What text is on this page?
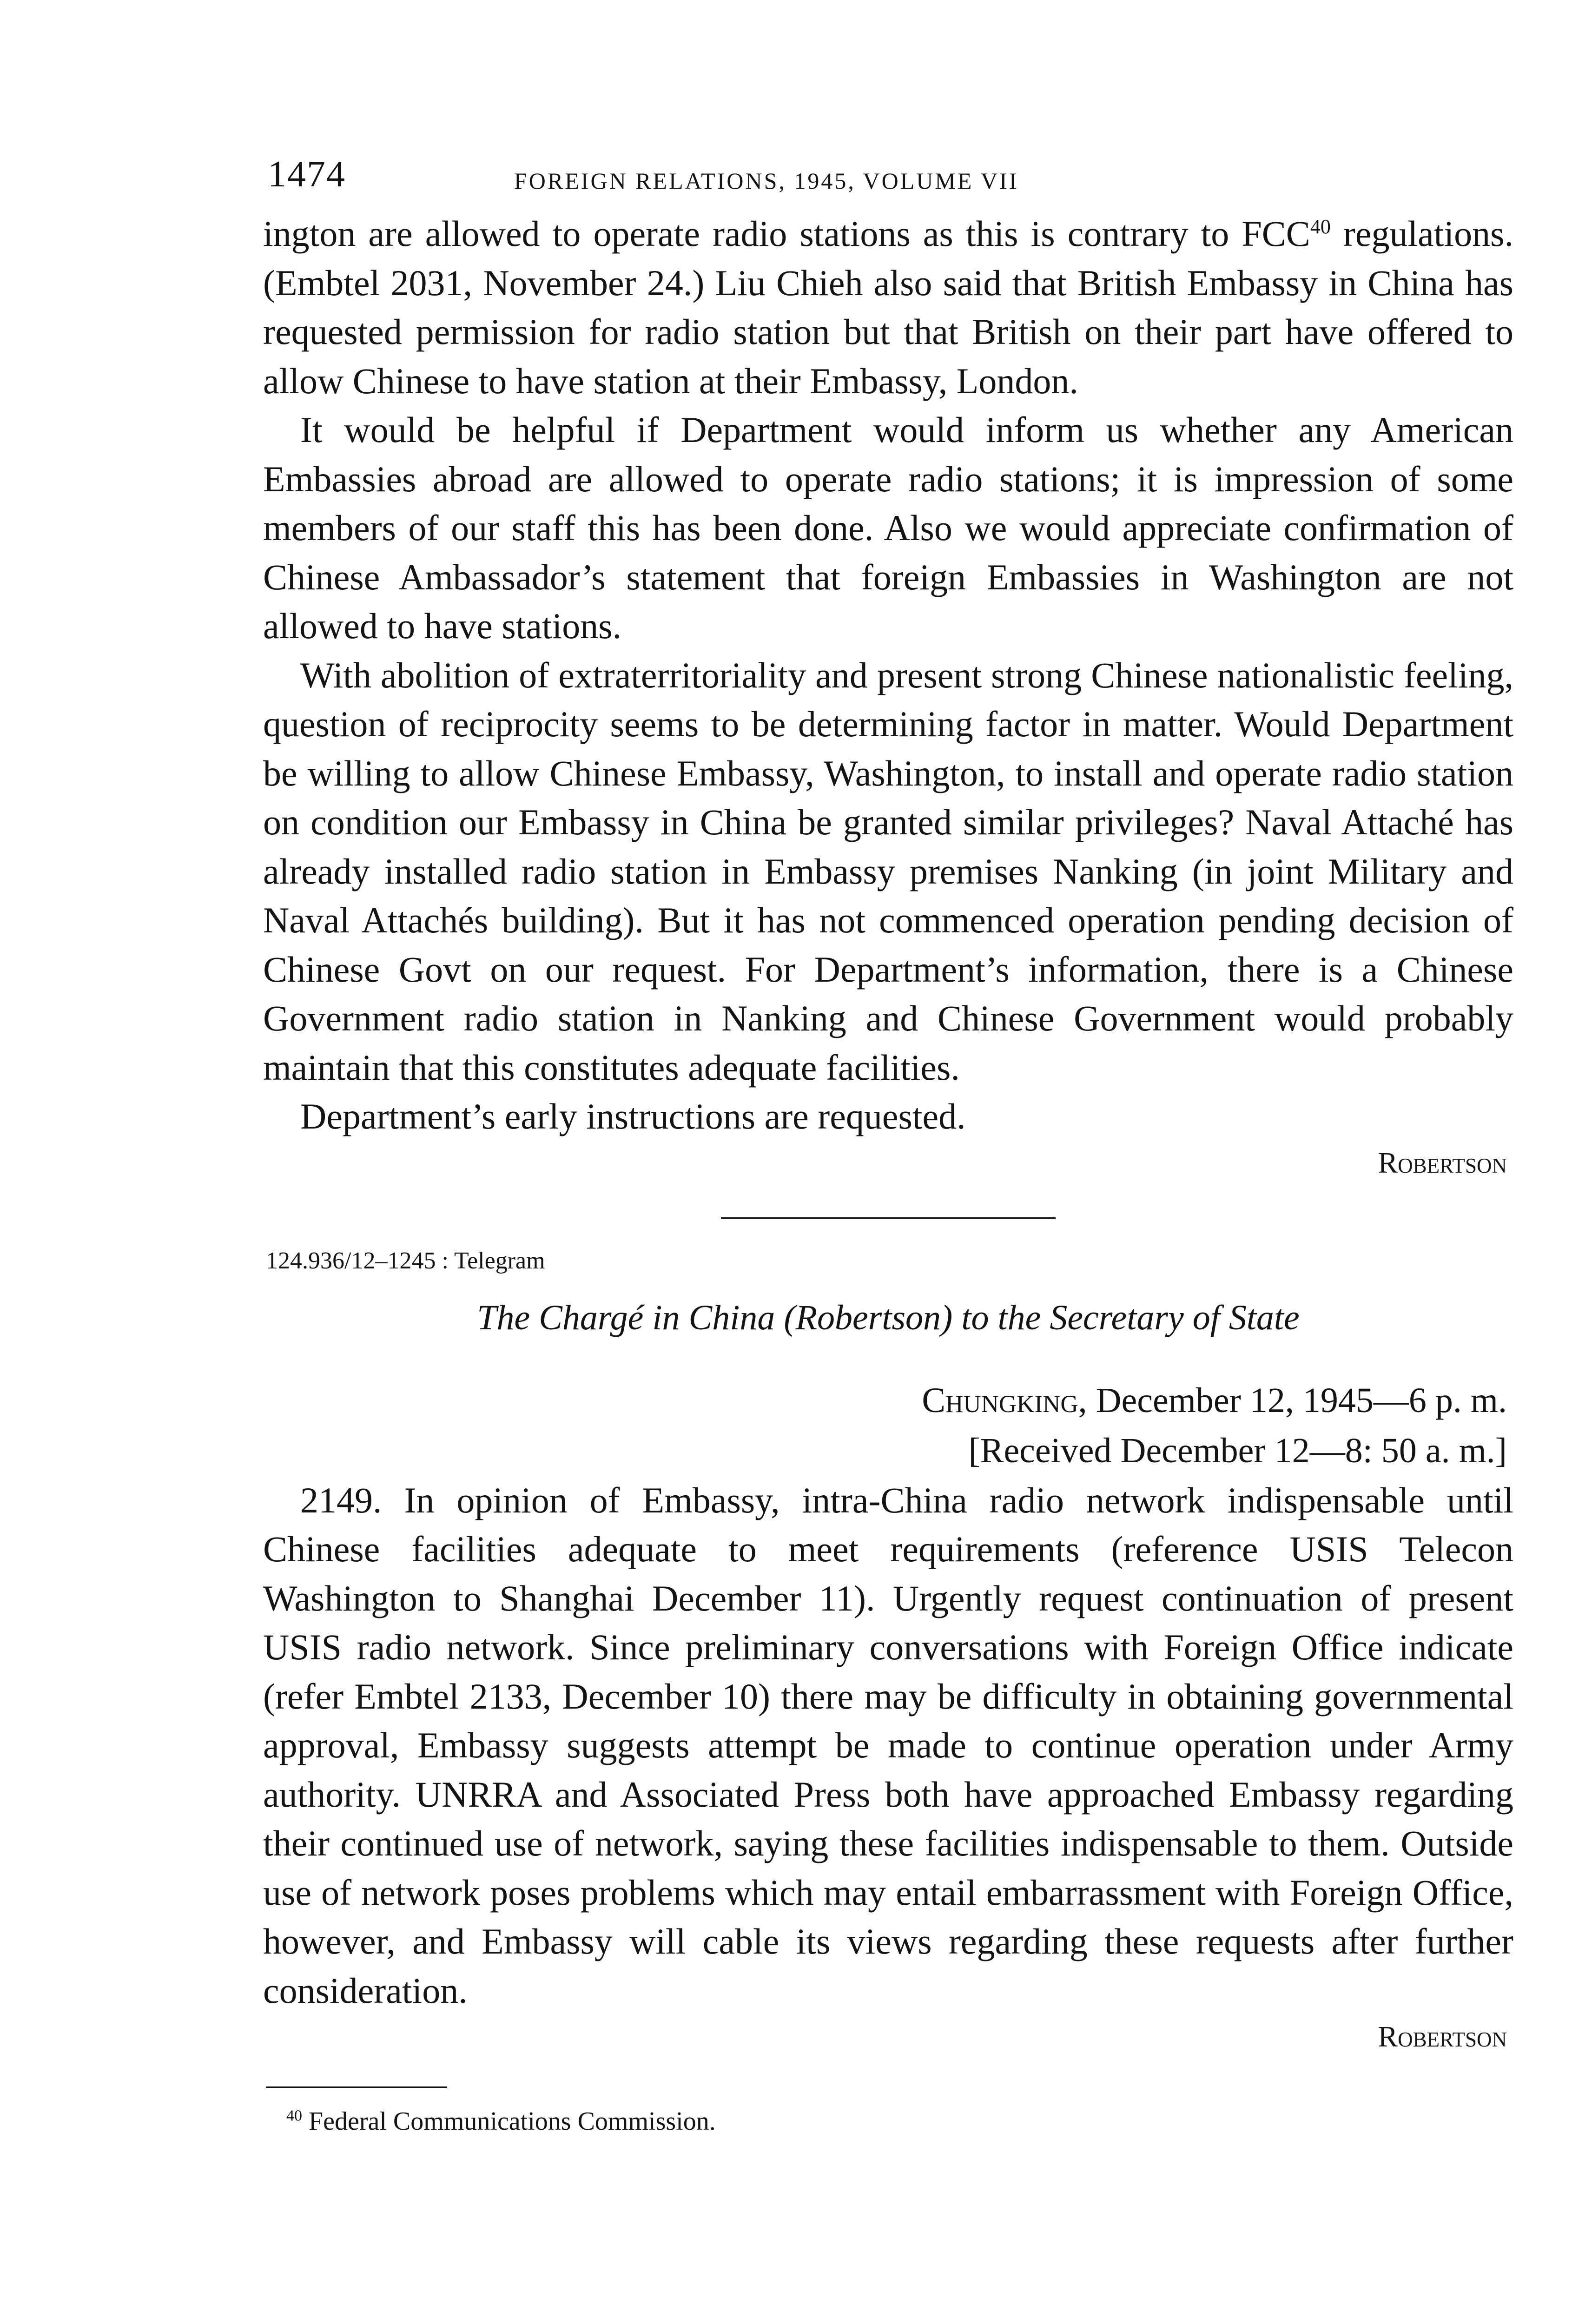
1474	FOREIGN RELATIONS, 1945, VOLUME VII

ington are allowed to operate radio stations as this is contrary to FCC$^{40}$ regulations. (Embtel 2031, November 24.) Liu Chieh also said that British Embassy in China has requested permission for radio station but that British on their part have offered to allow Chinese to have station at their Embassy, London.

It would be helpful if Department would inform us whether any American Embassies abroad are allowed to operate radio stations; it is impression of some members of our staff this has been done. Also we would appreciate confirmation of Chinese Ambassador’s statement that foreign Embassies in Washington are not allowed to have stations.

With abolition of extraterritoriality and present strong Chinese nationalistic feeling, question of reciprocity seems to be determining factor in matter. Would Department be willing to allow Chinese Embassy, Washington, to install and operate radio station on condition our Embassy in China be granted similar privileges? Naval Attaché has already installed radio station in Embassy premises Nanking (in joint Military and Naval Attachés building). But it has not commenced operation pending decision of Chinese Govt on our request. For Department’s information, there is a Chinese Government radio station in Nanking and Chinese Government would probably maintain that this constitutes adequate facilities.

Department’s early instructions are requested.

Robertson
124.936/12–1245 : Telegram

The Chargé in China (Robertson) to the Secretary of State

Chungking, December 12, 1945—6 p. m.
[Received December 12—8: 50 a. m.]

2149. In opinion of Embassy, intra-China radio network indispensable until Chinese facilities adequate to meet requirements (reference USIS Telecon Washington to Shanghai December 11). Urgently request continuation of present USIS radio network. Since preliminary conversations with Foreign Office indicate (refer Embtel 2133, December 10) there may be difficulty in obtaining governmental approval, Embassy suggests attempt be made to continue operation under Army authority. UNRRA and Associated Press both have approached Embassy regarding their continued use of network, saying these facilities indispensable to them. Outside use of network poses problems which may entail embarrassment with Foreign Office, however, and Embassy will cable its views regarding these requests after further consideration.

Robertson
$^{40}$ Federal Communications Commission.
